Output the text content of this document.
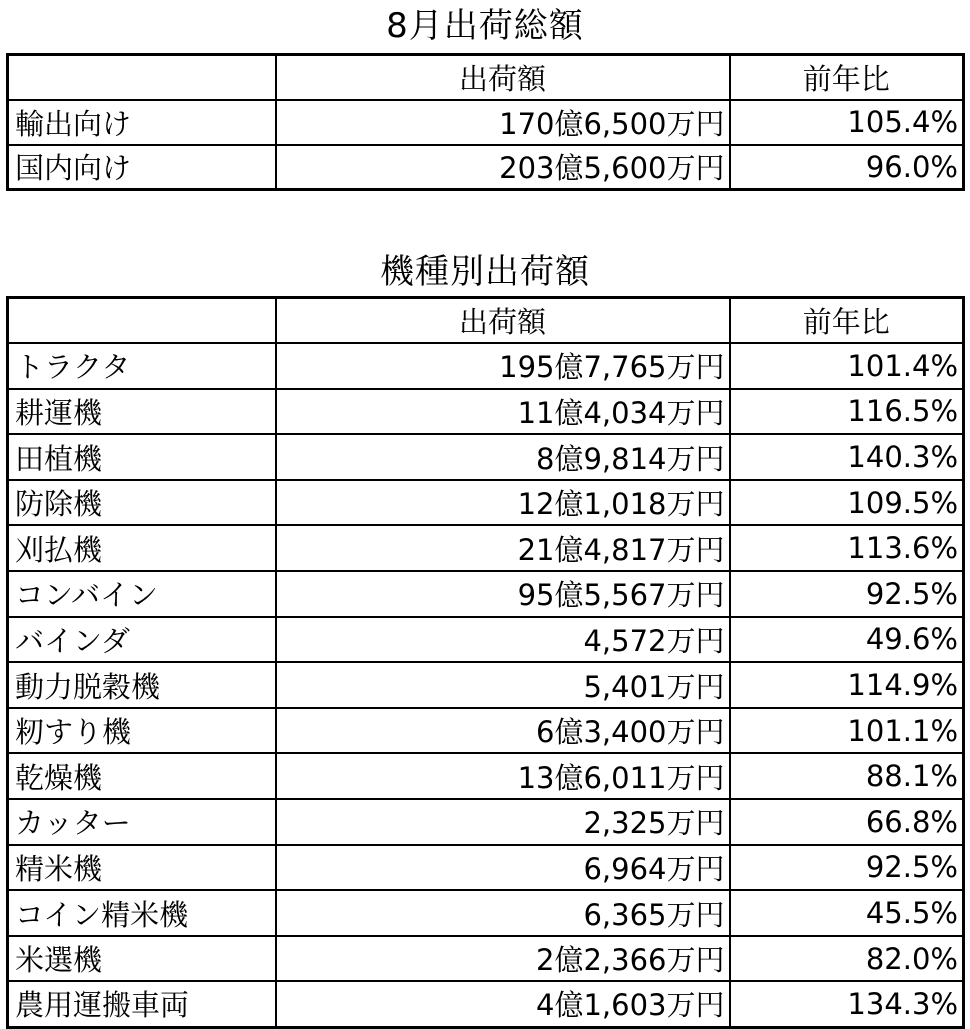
8月出荷総額
	出荷額	前年比
輸出向け	170億6,500万円	105.4%
国内向け	203億5,600万円	96.0%
機種別出荷額
	出荷額	前年比
トラクタ	195億7,765万円	101.4%
耕運機	11億4,034万円	116.5%
田植機	8億9,814万円	140.3%
防除機	12億1,018万円	109.5%
刈払機	21億4,817万円	113.6%
コンバイン	95億5,567万円	92.5%
バインダ	4,572万円	49.6%
動力脱穀機	5,401万円	114.9%
籾すり機	6億3,400万円	101.1%
乾燥機	13億6,011万円	88.1%
カッター	2,325万円	66.8%
精米機	6,964万円	92.5%
コイン精米機	6,365万円	45.5%
米選機	2億2,366万円	82.0%
農用運搬車両	4億1,603万円	134.3%
